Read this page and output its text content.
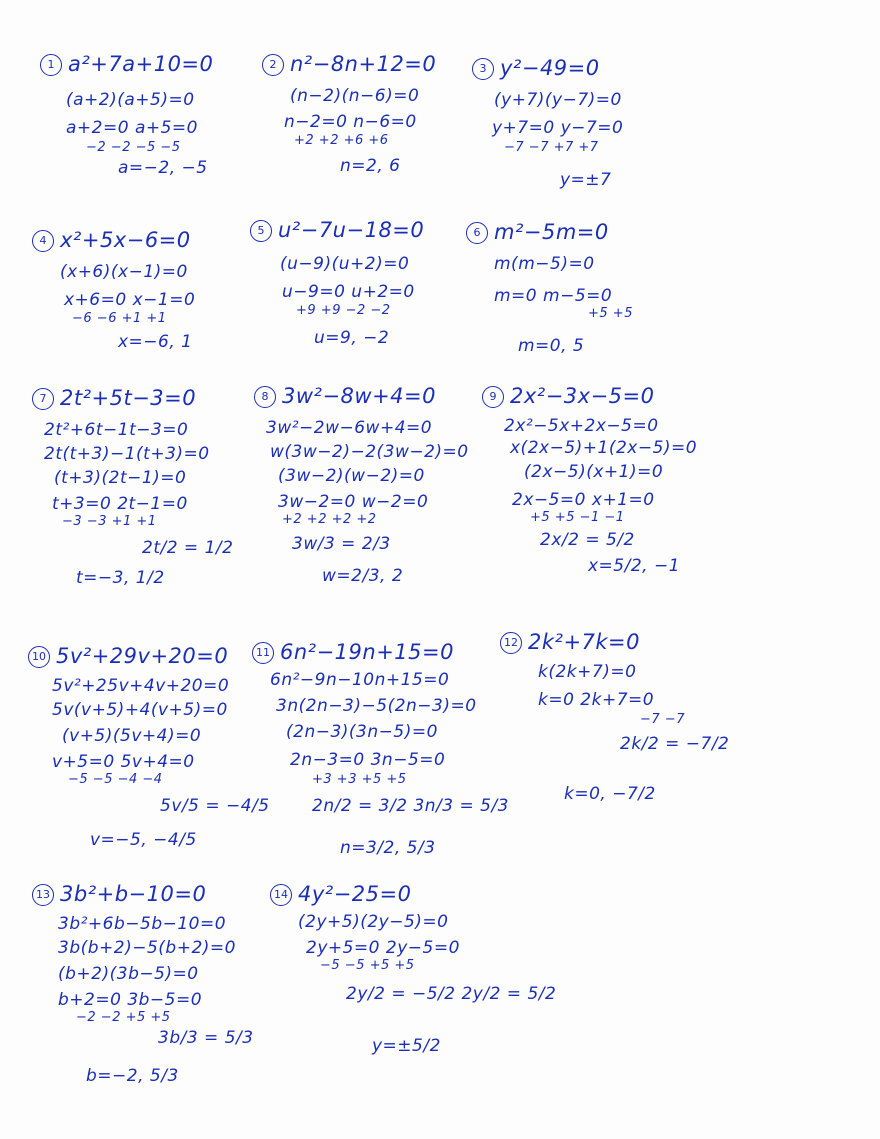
1 a²+7a+10=0
(a+2)(a+5)=0
a+2=0 a+5=0
−2 −2 −5 −5
a=−2, −5
2 n²−8n+12=0
(n−2)(n−6)=0
n−2=0 n−6=0
+2 +2 +6 +6
n=2, 6
3 y²−49=0
(y+7)(y−7)=0
y+7=0 y−7=0
−7 −7 +7 +7
y=±7
4 x²+5x−6=0
(x+6)(x−1)=0
x+6=0 x−1=0
−6 −6 +1 +1
x=−6, 1
5 u²−7u−18=0
(u−9)(u+2)=0
u−9=0 u+2=0
+9 +9 −2 −2
u=9, −2
6 m²−5m=0
m(m−5)=0
m=0 m−5=0
+5 +5
m=0, 5
7 2t²+5t−3=0
2t²+6t−1t−3=0
2t(t+3)−1(t+3)=0
(t+3)(2t−1)=0
t+3=0 2t−1=0
−3 −3 +1 +1
2t/2 = 1/2
t=−3, 1/2
8 3w²−8w+4=0
3w²−2w−6w+4=0
w(3w−2)−2(3w−2)=0
(3w−2)(w−2)=0
3w−2=0 w−2=0
+2 +2 +2 +2
3w/3 = 2/3
w=2/3, 2
9 2x²−3x−5=0
2x²−5x+2x−5=0
x(2x−5)+1(2x−5)=0
(2x−5)(x+1)=0
2x−5=0 x+1=0
+5 +5 −1 −1
2x/2 = 5/2
x=5/2, −1
10 5v²+29v+20=0
5v²+25v+4v+20=0
5v(v+5)+4(v+5)=0
(v+5)(5v+4)=0
v+5=0 5v+4=0
−5 −5 −4 −4
5v/5 = −4/5
v=−5, −4/5
11 6n²−19n+15=0
6n²−9n−10n+15=0
3n(2n−3)−5(2n−3)=0
(2n−3)(3n−5)=0
2n−3=0 3n−5=0
+3 +3 +5 +5
2n/2 = 3/2 3n/3 = 5/3
n=3/2, 5/3
12 2k²+7k=0
k(2k+7)=0
k=0 2k+7=0
−7 −7
2k/2 = −7/2
k=0, −7/2
13 3b²+b−10=0
3b²+6b−5b−10=0
3b(b+2)−5(b+2)=0
(b+2)(3b−5)=0
b+2=0 3b−5=0
−2 −2 +5 +5
3b/3 = 5/3
b=−2, 5/3
14 4y²−25=0
(2y+5)(2y−5)=0
2y+5=0 2y−5=0
−5 −5 +5 +5
2y/2 = −5/2 2y/2 = 5/2
y=±5/2
